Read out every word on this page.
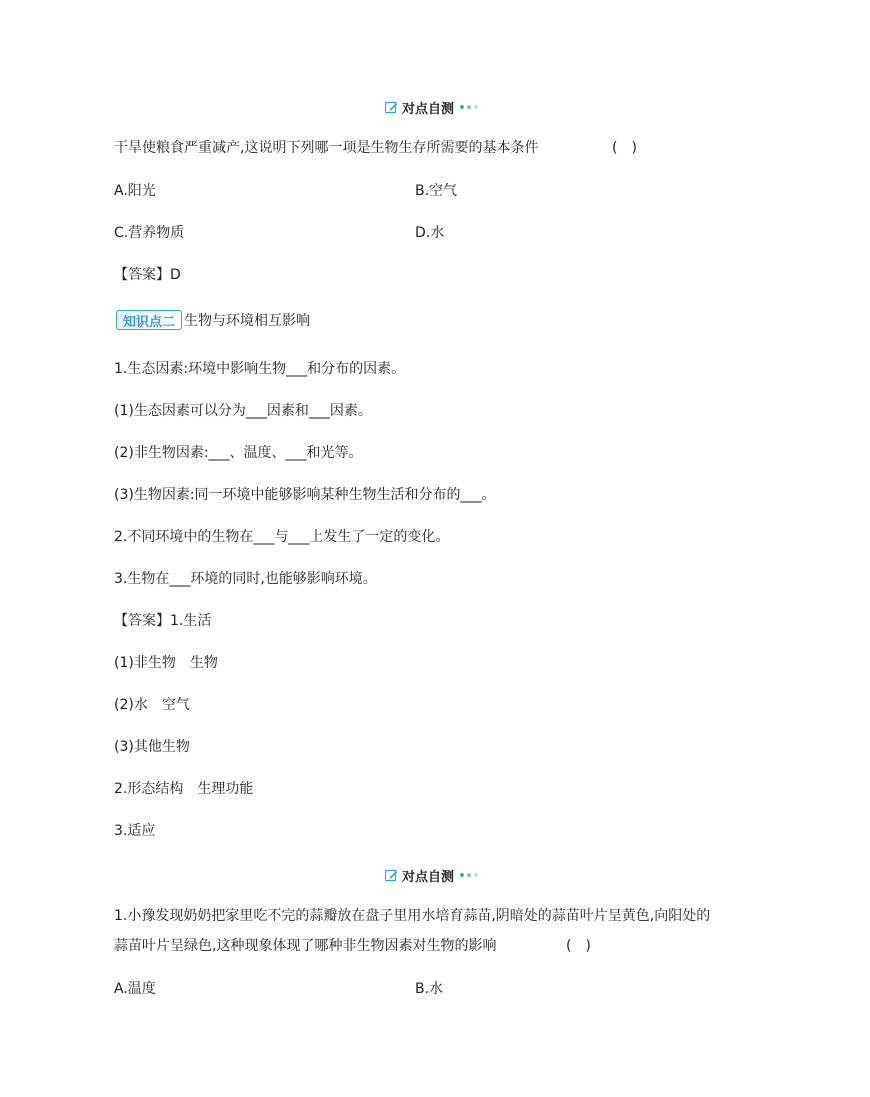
对点自测
干旱使粮食严重减产,这说明下列哪一项是生物生存所需要的基本条件	(　)
A.阳光	B.空气
C.营养物质	D.水
【答案】D
知识点二 生物与环境相互影响
1.生态因素:环境中影响生物___和分布的因素。
(1)生态因素可以分为___因素和___因素。
(2)非生物因素:___、温度、___和光等。
(3)生物因素:同一环境中能够影响某种生物生活和分布的___。
2.不同环境中的生物在___与___上发生了一定的变化。
3.生物在___环境的同时,也能够影响环境。
【答案】1.生活
(1)非生物　生物
(2)水　空气
(3)其他生物
2.形态结构　生理功能
3.适应
对点自测
1.小豫发现奶奶把家里吃不完的蒜瓣放在盘子里用水培育蒜苗,阴暗处的蒜苗叶片呈黄色,向阳处的
蒜苗叶片呈绿色,这种现象体现了哪种非生物因素对生物的影响	(　)
A.温度	B.水
